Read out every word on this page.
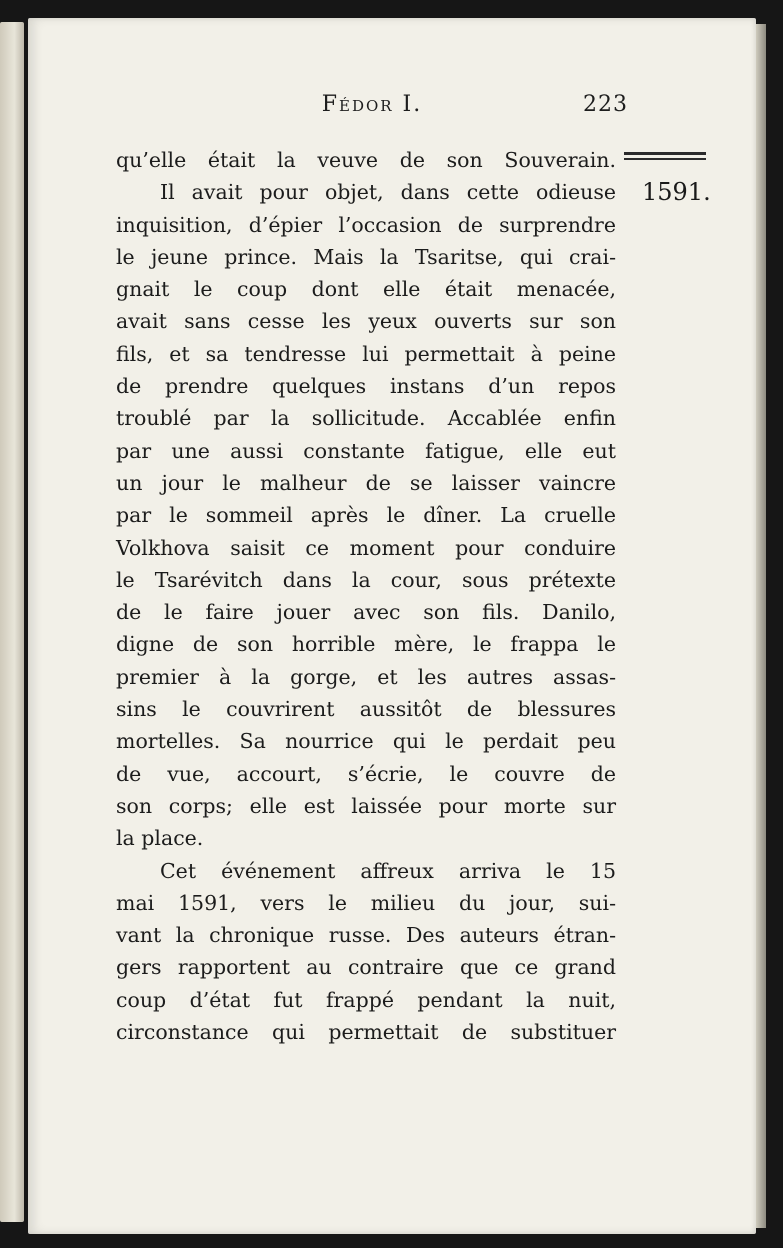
Fédor I.	223
1591.
qu’elle était la veuve de son Souverain.
Il avait pour objet, dans cette odieuse
inquisition, d’épier l’occasion de surprendre
le jeune prince. Mais la Tsaritse, qui crai-
gnait le coup dont elle était menacée,
avait sans cesse les yeux ouverts sur son
fils, et sa tendresse lui permettait à peine
de prendre quelques instans d’un repos
troublé par la sollicitude. Accablée enfin
par une aussi constante fatigue, elle eut
un jour le malheur de se laisser vaincre
par le sommeil après le dîner. La cruelle
Volkhova saisit ce moment pour conduire
le Tsarévitch dans la cour, sous prétexte
de le faire jouer avec son fils. Danilo,
digne de son horrible mère, le frappa le
premier à la gorge, et les autres assas-
sins le couvrirent aussitôt de blessures
mortelles. Sa nourrice qui le perdait peu
de vue, accourt, s’écrie, le couvre de
son corps; elle est laissée pour morte sur
la place.
Cet événement affreux arriva le 15
mai 1591, vers le milieu du jour, sui-
vant la chronique russe. Des auteurs étran-
gers rapportent au contraire que ce grand
coup d’état fut frappé pendant la nuit,
circonstance qui permettait de substituer
